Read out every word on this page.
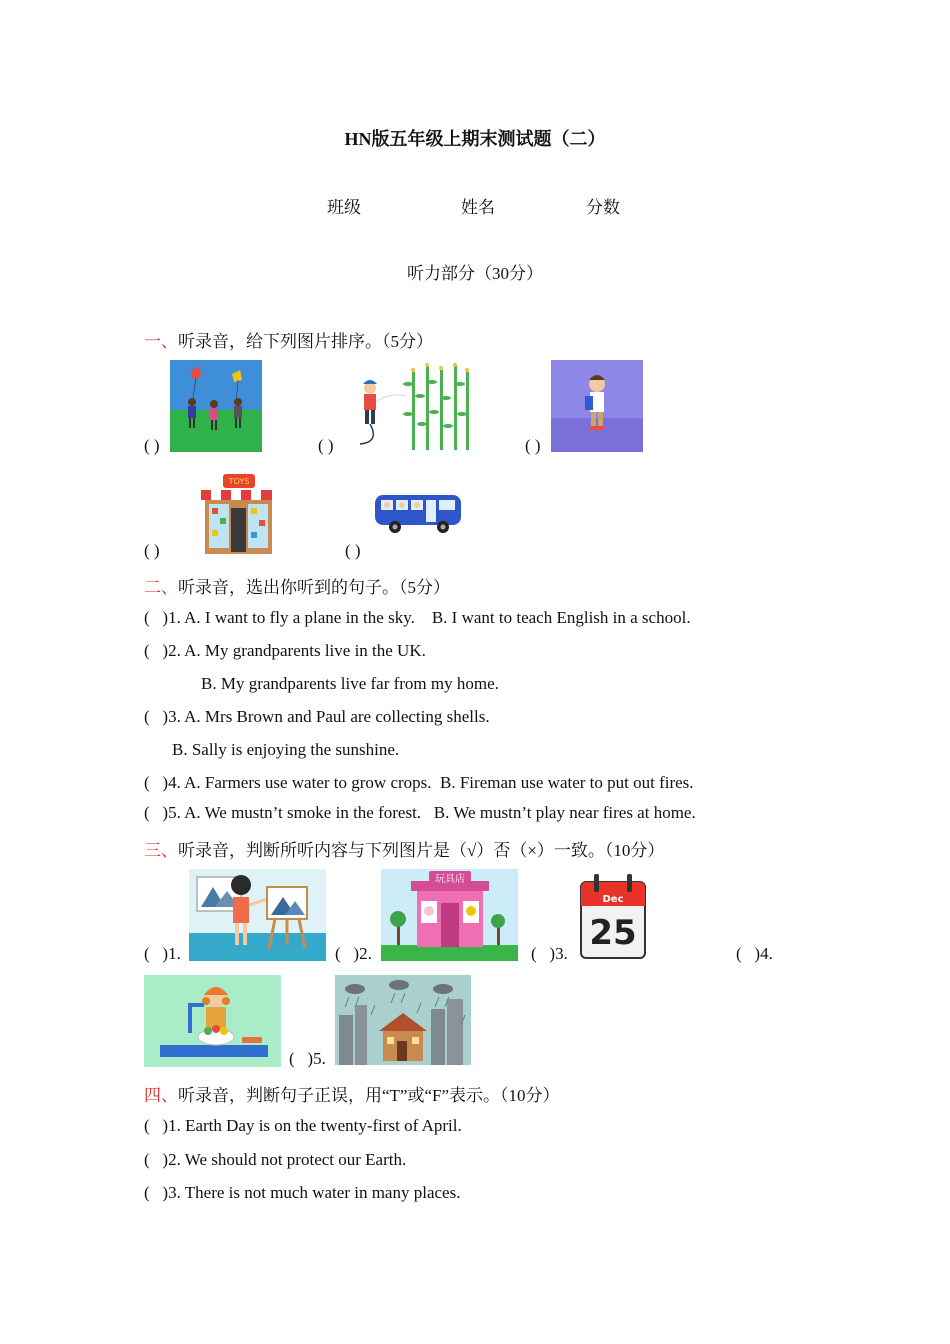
HN版五年级上期末测试题（二）
班级	姓名	分数
听力部分（30分）
一、听录音，给下列图片排序。（5分）
( )	( )	( )
( )	( )
TOYS
二、听录音，选出你听到的句子。（5分）
(   )1. A. I want to fly a plane in the sky.    B. I want to teach English in a school.
(   )2. A. My grandparents live in the UK.
B. My grandparents live far from my home.
(   )3. A. Mrs Brown and Paul are collecting shells.
B. Sally is enjoying the sunshine.
(   )4. A. Farmers use water to grow crops.  B. Fireman use water to put out fires.
(   )5. A. We mustn’t smoke in the forest.   B. We mustn’t play near fires at home.
三、听录音，判断所听内容与下列图片是（√）否（×）一致。（10分）
(   )1.	(   )2.	(   )3.	(   )4.
(   )5.
玩具店
Dec
25
四、听录音，判断句子正误，用“T”或“F”表示。（10分）
(   )1. Earth Day is on the twenty-first of April.
(   )2. We should not protect our Earth.
(   )3. There is not much water in many places.
